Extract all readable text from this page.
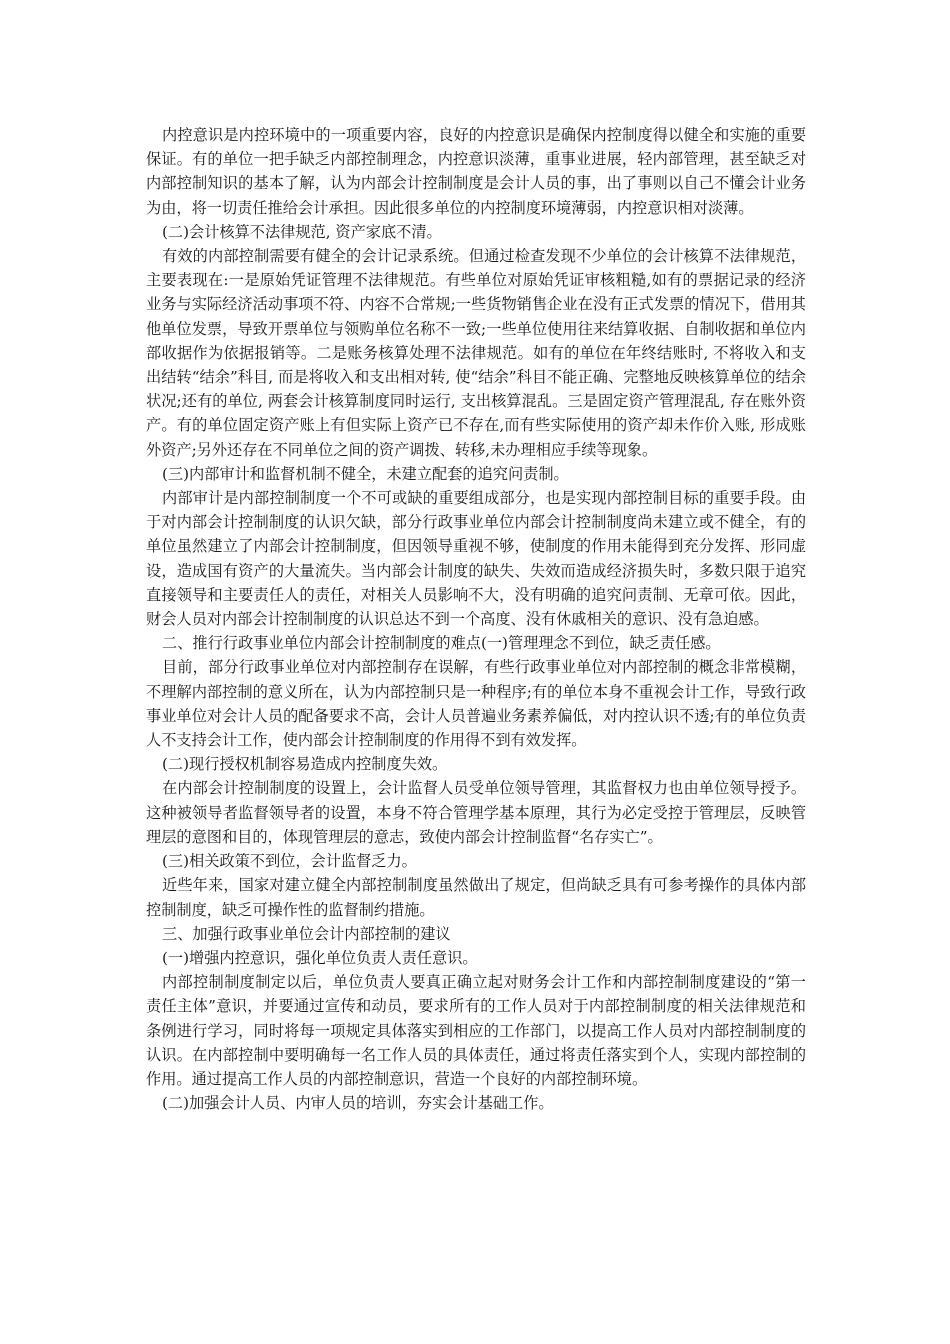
内控意识是内控环境中的一项重要内容，良好的内控意识是确保内控制度得以健全和实施的重要保证。有的单位一把手缺乏内部控制理念，内控意识淡薄，重事业进展，轻内部管理，甚至缺乏对内部控制知识的基本了解，认为内部会计控制制度是会计人员的事，出了事则以自己不懂会计业务为由，将一切责任推给会计承担。因此很多单位的内控制度环境薄弱，内控意识相对淡薄。

(二)会计核算不法律规范, 资产家底不清。

有效的内部控制需要有健全的会计记录系统。但通过检查发现不少单位的会计核算不法律规范，主要表现在:一是原始凭证管理不法律规范。有些单位对原始凭证审核粗糙,如有的票据记录的经济业务与实际经济活动事项不符、内容不合常规;一些货物销售企业在没有正式发票的情况下，借用其他单位发票，导致开票单位与领购单位名称不一致;一些单位使用往来结算收据、自制收据和单位内部收据作为依据报销等。二是账务核算处理不法律规范。如有的单位在年终结账时, 不将收入和支出结转“结余”科目, 而是将收入和支出相对转, 使“结余”科目不能正确、完整地反映核算单位的结余状况;还有的单位, 两套会计核算制度同时运行, 支出核算混乱。三是固定资产管理混乱, 存在账外资产。有的单位固定资产账上有但实际上资产已不存在,而有些实际使用的资产却未作价入账, 形成账外资产;另外还存在不同单位之间的资产调拨、转移,未办理相应手续等现象。

(三)内部审计和监督机制不健全，未建立配套的追究问责制。

内部审计是内部控制制度一个不可或缺的重要组成部分，也是实现内部控制目标的重要手段。由于对内部会计控制制度的认识欠缺，部分行政事业单位内部会计控制制度尚未建立或不健全，有的单位虽然建立了内部会计控制制度，但因领导重视不够，使制度的作用未能得到充分发挥、形同虚设，造成国有资产的大量流失。当内部会计制度的缺失、失效而造成经济损失时，多数只限于追究直接领导和主要责任人的责任，对相关人员影响不大，没有明确的追究问责制、无章可依。因此，财会人员对内部会计控制制度的认识总达不到一个高度、没有休戚相关的意识、没有急迫感。

二、推行行政事业单位内部会计控制制度的难点(一)管理理念不到位，缺乏责任感。

目前，部分行政事业单位对内部控制存在误解，有些行政事业单位对内部控制的概念非常模糊，不理解内部控制的意义所在，认为内部控制只是一种程序;有的单位本身不重视会计工作，导致行政事业单位对会计人员的配备要求不高，会计人员普遍业务素养偏低，对内控认识不透;有的单位负责人不支持会计工作，使内部会计控制制度的作用得不到有效发挥。

(二)现行授权机制容易造成内控制度失效。

在内部会计控制制度的设置上，会计监督人员受单位领导管理，其监督权力也由单位领导授予。这种被领导者监督领导者的设置，本身不符合管理学基本原理，其行为必定受控于管理层，反映管理层的意图和目的，体现管理层的意志，致使内部会计控制监督“名存实亡”。

(三)相关政策不到位，会计监督乏力。

近些年来，国家对建立健全内部控制制度虽然做出了规定，但尚缺乏具有可参考操作的具体内部控制制度，缺乏可操作性的监督制约措施。

三、加强行政事业单位会计内部控制的建议

(一)增强内控意识，强化单位负责人责任意识。

内部控制制度制定以后，单位负责人要真正确立起对财务会计工作和内部控制制度建设的“第一责任主体”意识，并要通过宣传和动员，要求所有的工作人员对于内部控制制度的相关法律规范和条例进行学习，同时将每一项规定具体落实到相应的工作部门，以提高工作人员对内部控制制度的认识。在内部控制中要明确每一名工作人员的具体责任，通过将责任落实到个人，实现内部控制的作用。通过提高工作人员的内部控制意识，营造一个良好的内部控制环境。

(二)加强会计人员、内审人员的培训，夯实会计基础工作。
